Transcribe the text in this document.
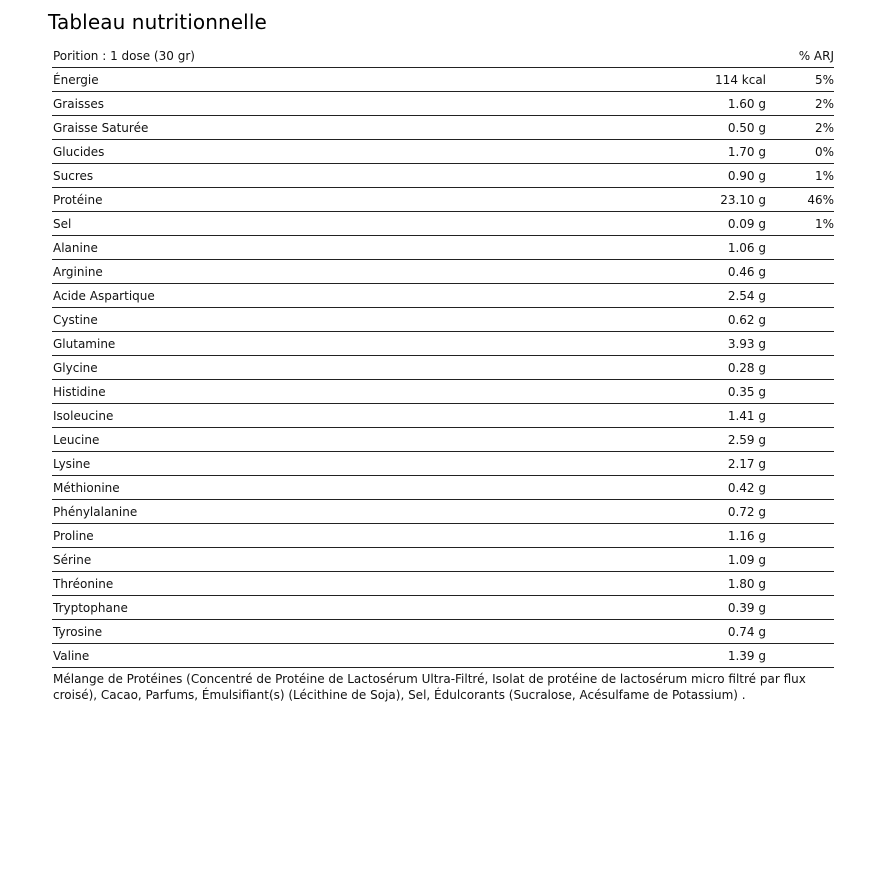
Tableau nutritionnelle
Porition : 1 dose (30 gr)	% ARJ
Énergie	114 kcal	5%
Graisses	1.60 g	2%
Graisse Saturée	0.50 g	2%
Glucides	1.70 g	0%
Sucres	0.90 g	1%
Protéine	23.10 g	46%
Sel	0.09 g	1%
Alanine	1.06 g
Arginine	0.46 g
Acide Aspartique	2.54 g
Cystine	0.62 g
Glutamine	3.93 g
Glycine	0.28 g
Histidine	0.35 g
Isoleucine	1.41 g
Leucine	2.59 g
Lysine	2.17 g
Méthionine	0.42 g
Phénylalanine	0.72 g
Proline	1.16 g
Sérine	1.09 g
Thréonine	1.80 g
Tryptophane	0.39 g
Tyrosine	0.74 g
Valine	1.39 g
Mélange de Protéines (Concentré de Protéine de Lactosérum Ultra-Filtré, Isolat de protéine de lactosérum micro filtré par flux croisé), Cacao, Parfums, Émulsifiant(s) (Lécithine de Soja), Sel, Édulcorants (Sucralose, Acésulfame de Potassium) .
